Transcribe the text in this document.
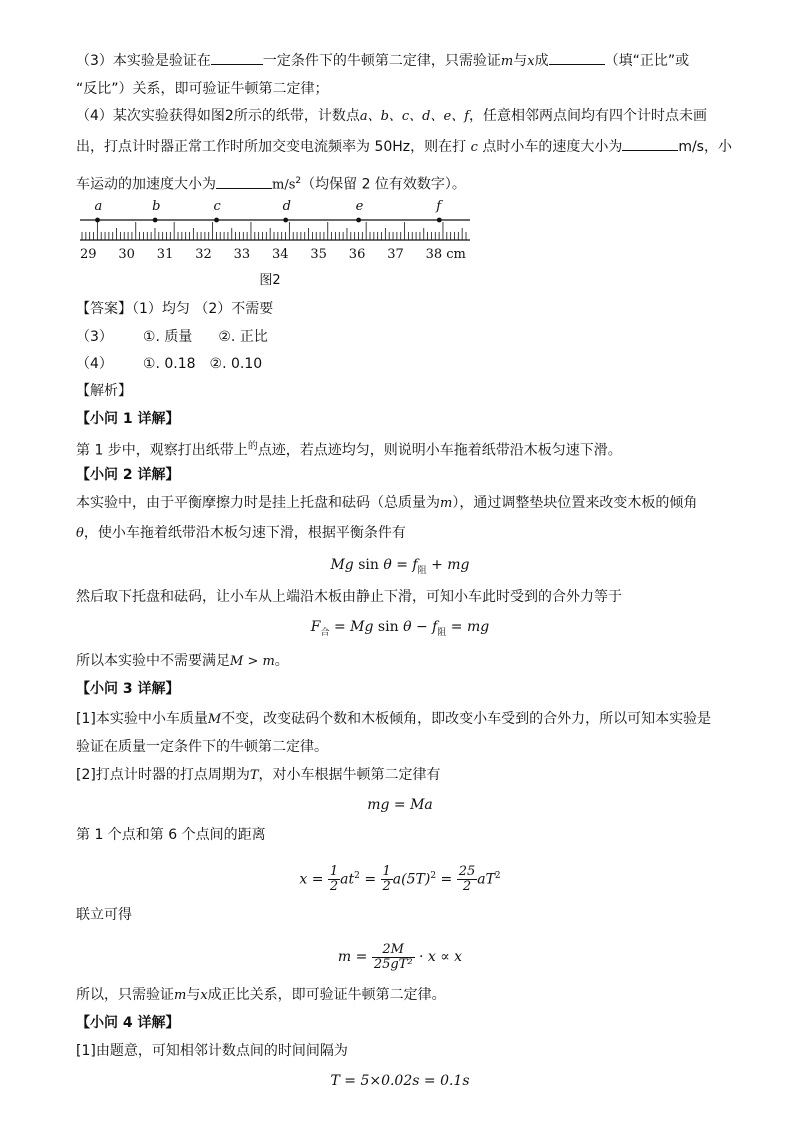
（3）本实验是验证在	一定条件下的牛顿第二定律，只需验证m与x成	（填“正比”或
“反比”）关系，即可验证牛顿第二定律；
（4）某次实验获得如图2所示的纸带，计数点a、b、c、d、e、f，任意相邻两点间均有四个计时点未画
出，打点计时器正常工作时所加交变电流频率为 50Hz，则在打 c 点时小车的速度大小为	m/s，小
车运动的加速度大小为	$m/s^2$（均保留 2 位有效数字）。
29 30 31 32 33 34 35 36 37 38 cm
a	b	c	d	e	f
图2
【答案】（1）均匀 （2）不需要
（3） ①. 质量 ②. 正比
（4） ①. 0.18 ②. 0.10
【解析】
【小问 1 详解】
第 1 步中，观察打出纸带上$^的$点迹，若点迹均匀，则说明小车拖着纸带沿木板匀速下滑。
【小问 2 详解】
本实验中，由于平衡摩擦力时是挂上托盘和砝码（总质量为m），通过调整垫块位置来改变木板的倾角
θ，使小车拖着纸带沿木板匀速下滑，根据平衡条件有
Mg $\sin \theta = f_阻$ + mg
然后取下托盘和砝码，让小车从上端沿木板由静止下滑，可知小车此时受到的合外力等于
$F_合 = Mg$ $\sin \theta - f_阻$ = mg
所以本实验中不需要满足M > m。
【小问 3 详解】
[1]本实验中小车质量M不变，改变砝码个数和木板倾角，即改变小车受到的合外力，所以可知本实验是
验证在质量一定条件下的牛顿第二定律。
[2]打点计时器的打点周期为T，对小车根据牛顿第二定律有
mg = Ma
第 1 个点和第 6 个点间的距离
$x = \frac{1}{2} at^2 = \frac{1}{2} a(5T)^2 = \frac{25}{2} aT^2$
联立可得
$m = \frac{2M}{\text{25gT²}} \cdot x \propto x$
所以，只需验证m与x成正比关系，即可验证牛顿第二定律。
【小问 4 详解】
[1]由题意，可知相邻计数点间的时间间隔为
T = 5×0.02s = 0.1s
